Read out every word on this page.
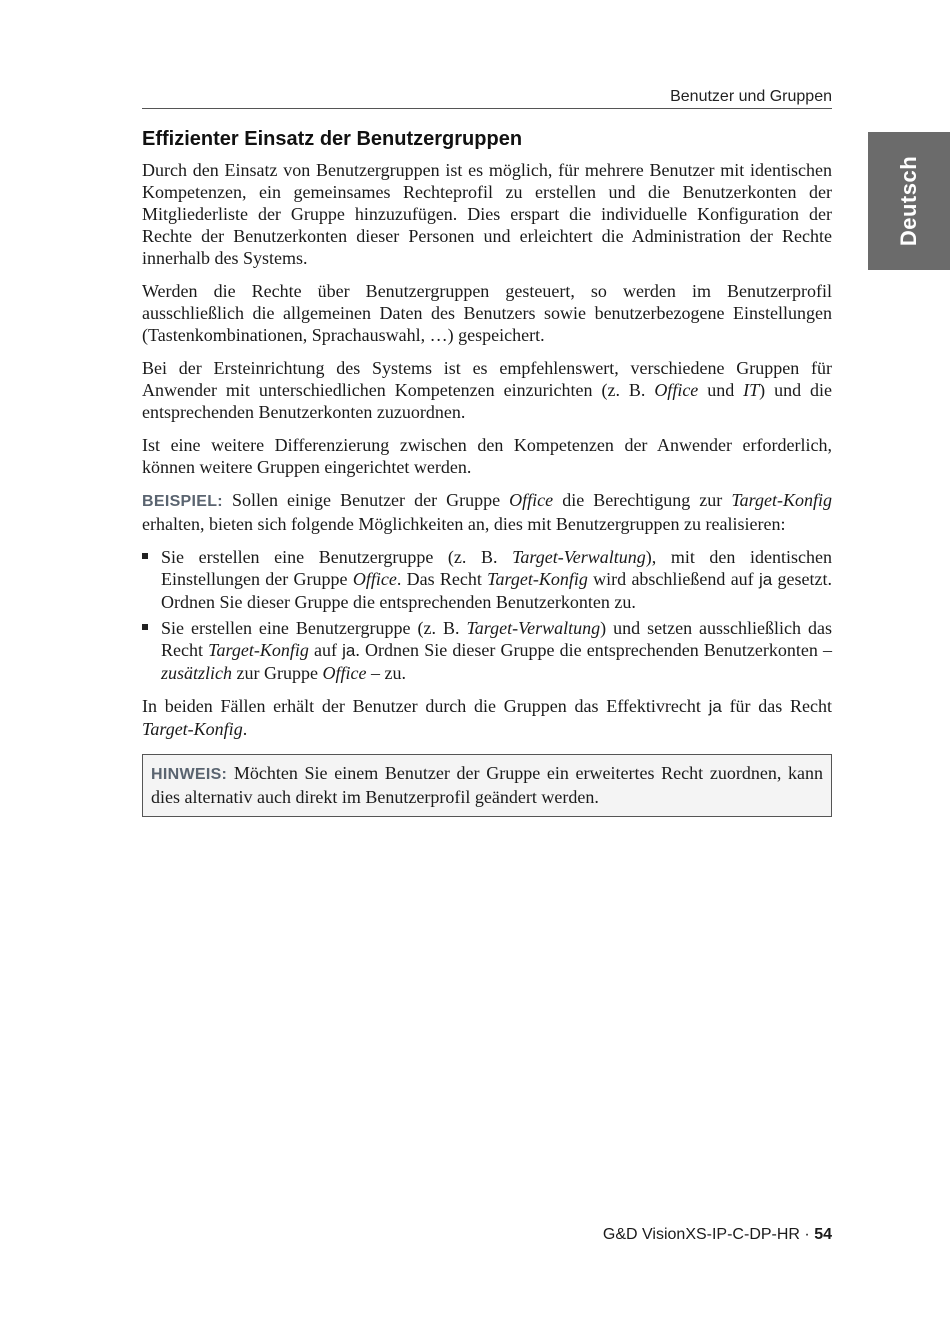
Benutzer und Gruppen
Deutsch
Effizienter Einsatz der Benutzergruppen

Durch den Einsatz von Benutzergruppen ist es möglich, für mehrere Benutzer mit identischen Kompetenzen, ein gemeinsames Rechteprofil zu erstellen und die Benutzerkonten der Mitgliederliste der Gruppe hinzuzufügen. Dies erspart die individuelle Konfiguration der Rechte der Benutzerkonten dieser Personen und erleichtert die Administration der Rechte innerhalb des Systems.

Werden die Rechte über Benutzergruppen gesteuert, so werden im Benutzerprofil ausschließlich die allgemeinen Daten des Benutzers sowie benutzerbezogene Einstellungen (Tastenkombinationen, Sprachauswahl, …) gespeichert.

Bei der Ersteinrichtung des Systems ist es empfehlenswert, verschiedene Gruppen für Anwender mit unterschiedlichen Kompetenzen einzurichten (z. B. Office und IT) und die entsprechenden Benutzerkonten zuzuordnen.

Ist eine weitere Differenzierung zwischen den Kompetenzen der Anwender erforderlich, können weitere Gruppen eingerichtet werden.

BEISPIEL: Sollen einige Benutzer der Gruppe Office die Berechtigung zur Target-Konfig erhalten, bieten sich folgende Möglichkeiten an, dies mit Benutzergruppen zu realisieren:

Sie erstellen eine Benutzergruppe (z. B. Target-Verwaltung), mit den identischen Einstellungen der Gruppe Office. Das Recht Target-Konfig wird abschließend auf ja gesetzt. Ordnen Sie dieser Gruppe die entsprechenden Benutzerkonten zu.
Sie erstellen eine Benutzergruppe (z. B. Target-Verwaltung) und setzen ausschließlich das Recht Target-Konfig auf ja. Ordnen Sie dieser Gruppe die entsprechenden Benutzerkonten – zusätzlich zur Gruppe Office – zu.

In beiden Fällen erhält der Benutzer durch die Gruppen das Effektivrecht ja für das Recht Target-Konfig.

HINWEIS: Möchten Sie einem Benutzer der Gruppe ein erweitertes Recht zuordnen, kann dies alternativ auch direkt im Benutzerprofil geändert werden.
G&D VisionXS-IP-C-DP-HR · 54
